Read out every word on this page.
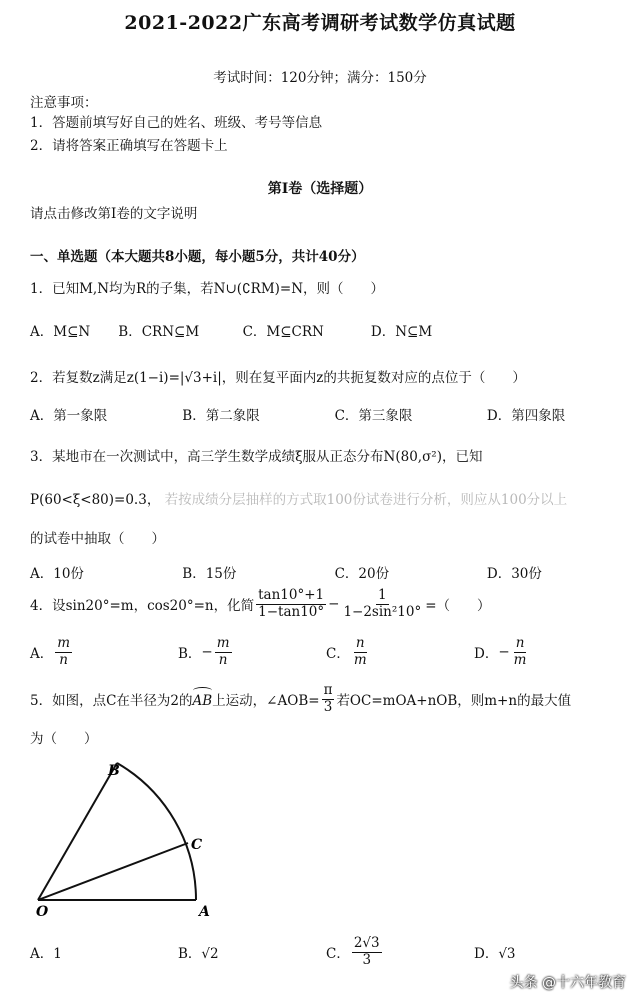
2021-2022广东高考调研考试数学仿真试题
考试时间：120分钟；满分：150分
注意事项：
1．答题前填写好自己的姓名、班级、考号等信息
2．请将答案正确填写在答题卡上
第I卷（选择题）
请点击修改第I卷的文字说明
一、单选题（本大题共8小题，每小题5分，共计40分）
1．已知M,N均为R的子集，若N∪(∁RM)=N，则（　　）
A．M⊆N B．CRN⊆M	C．M⊆CRN	D．N⊆M
2．若复数z满足z(1−i)=|√3+i|，则在复平面内z的共扼复数对应的点位于（　　）
A．第一象限	B．第二象限	C．第三象限	D．第四象限
3．某地市在一次测试中，高三学生数学成绩ξ服从正态分布N(80,σ²)，已知
P(60<ξ<80)=0.3， 若按成绩分层抽样的方式取100份试卷进行分析，则应从100分以上
的试卷中抽取（　　）
A．10份	B．15份	C．20份	D．30份
4．设sin20°=m，cos20°=n，化简 $\frac{\tan 10^\circ+1}{1-\tan 10^\circ} - \frac{1}{\text{1−2sin²10°}}$ =（　　）
A． $\frac{m}{n}$	B． − $\frac{m}{n}$	C． $\frac{n}{m}$	D． − $\frac{n}{m}$
5．如图，点C在半径为2的 AB 上运动，∠AOB= $\frac{\pi}{3}$ 若OC=mOA+nOB，则m+n的最大值
为（　　）
B
C
O	A
A．1	B．√2	C． $\frac{2√3}{3}$	D．√3
头条 @十六年教育
